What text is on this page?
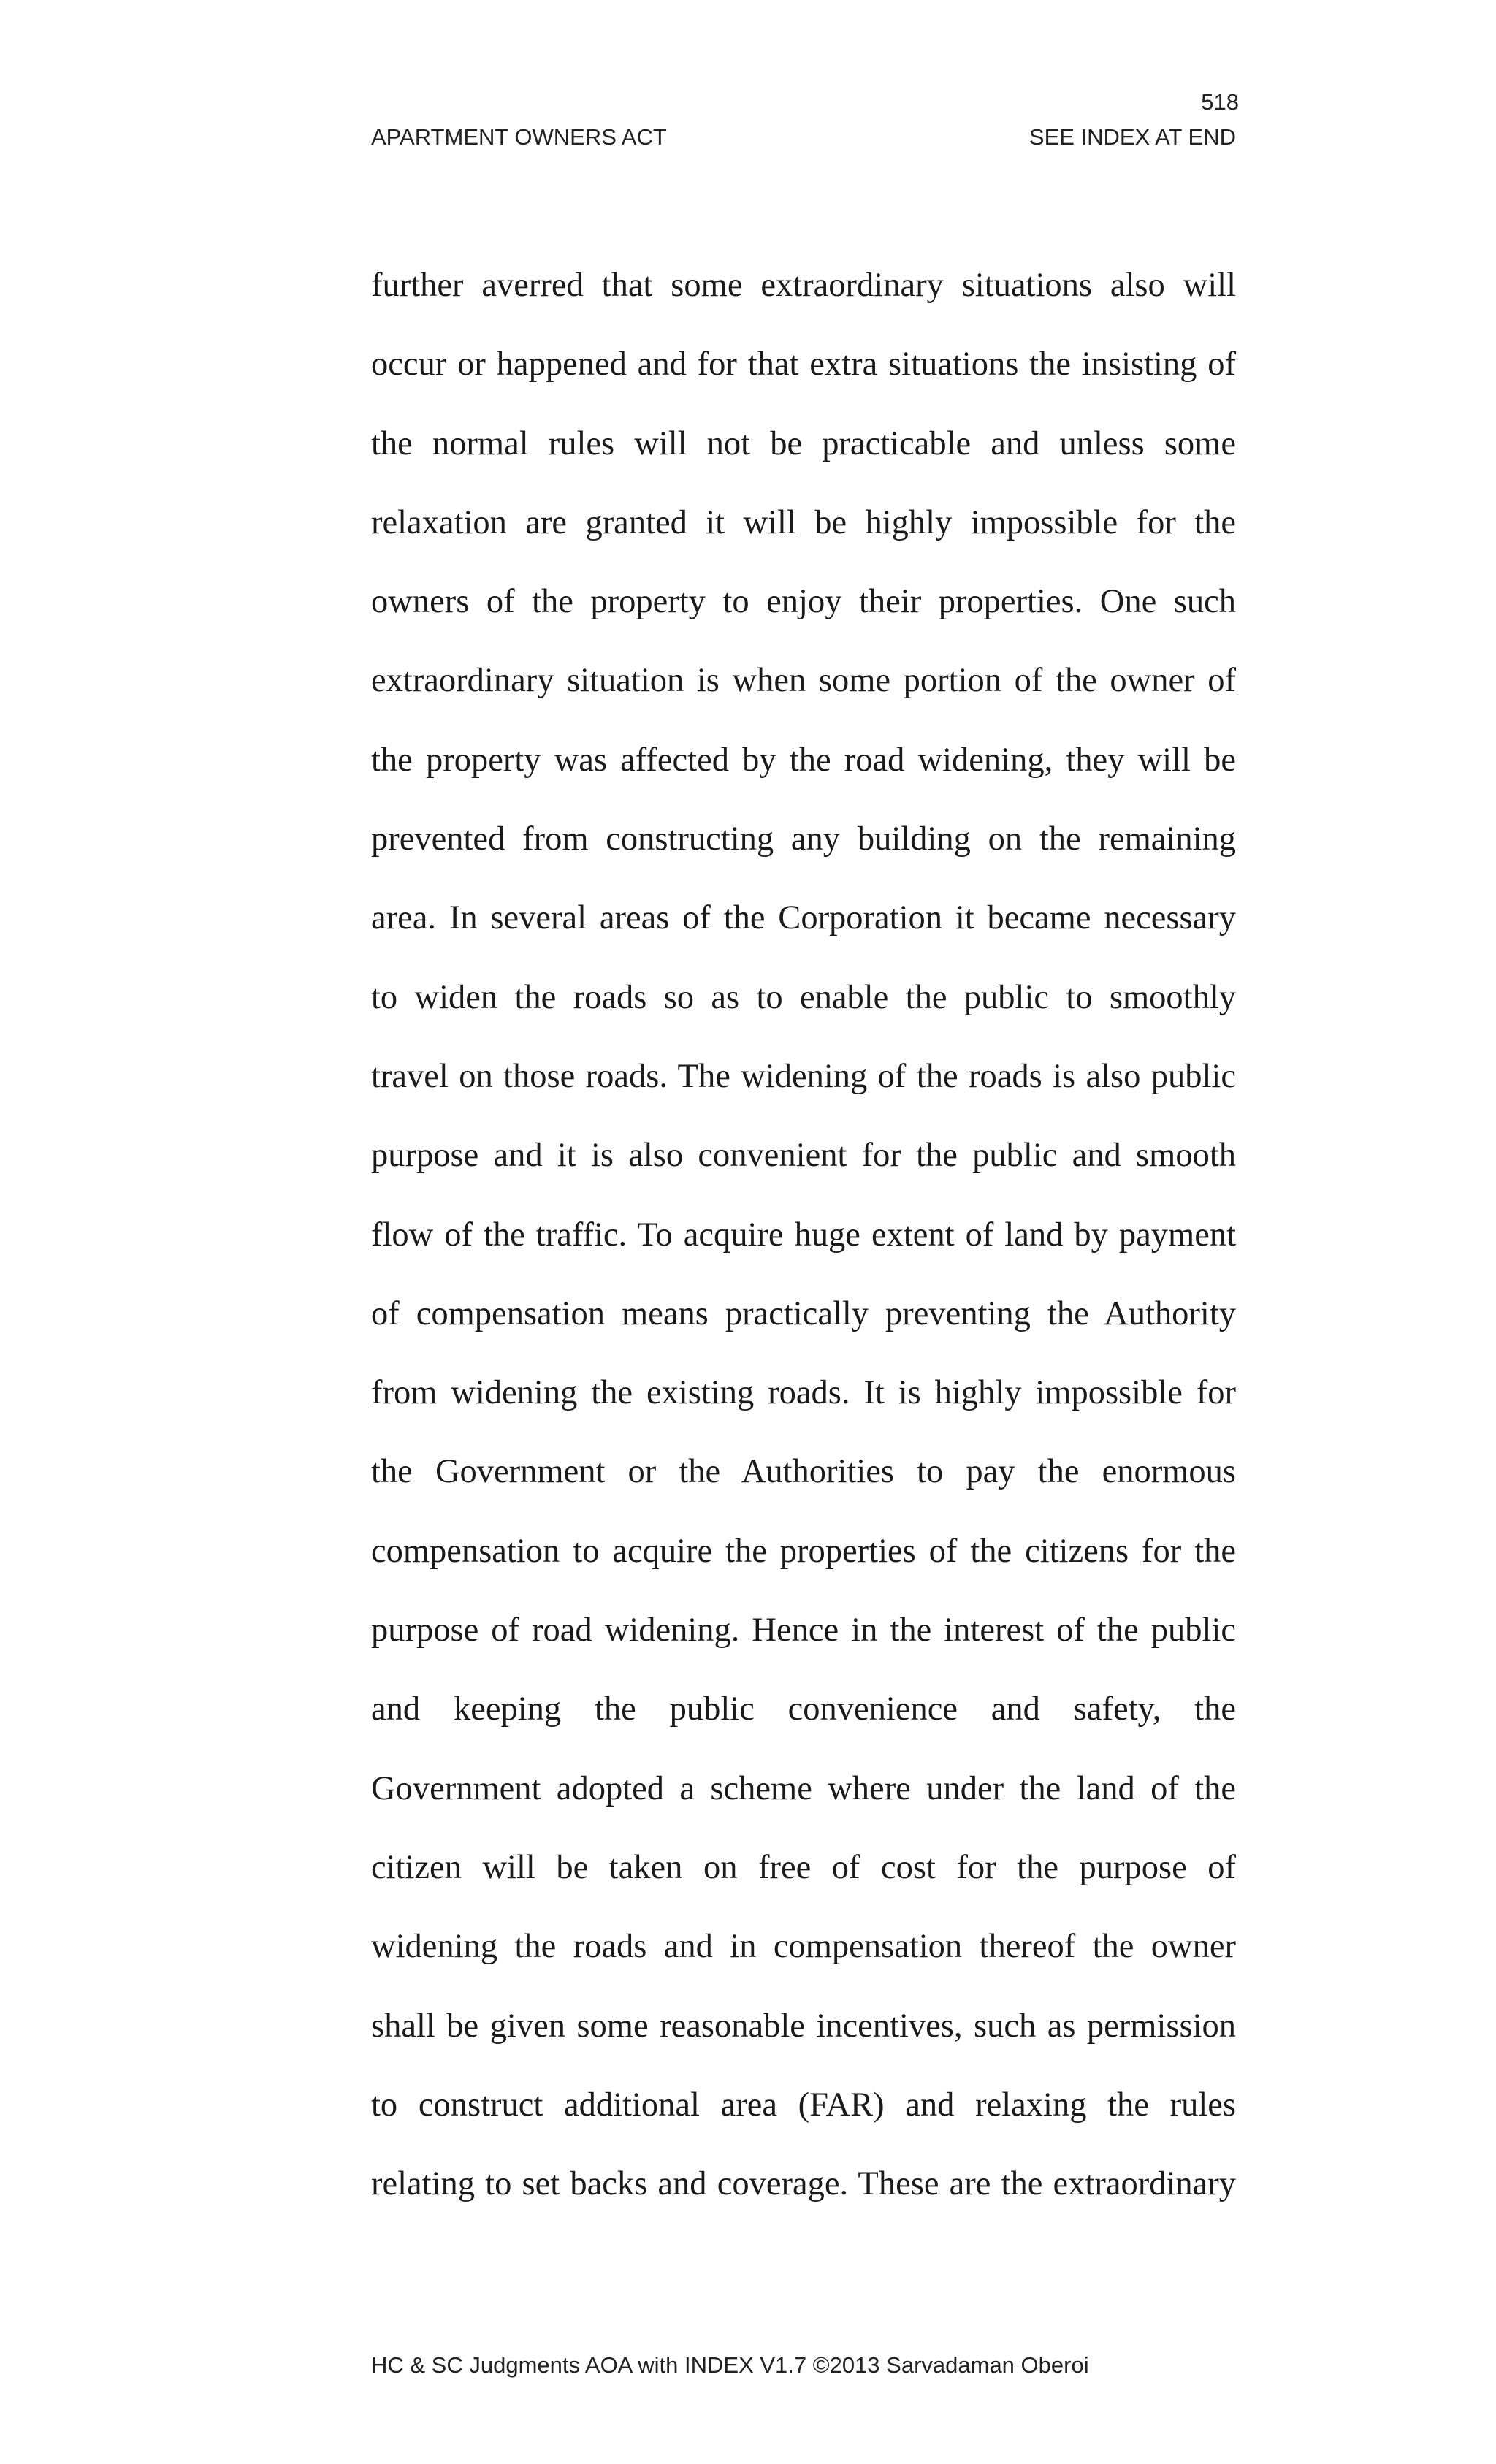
518
APARTMENT OWNERS ACT	SEE INDEX AT END
further averred that some extraordinary situations also will
occur or happened and for that extra situations the insisting of
the normal rules will not be practicable and unless some
relaxation are granted it will be highly impossible for the
owners of the property to enjoy their properties. One such
extraordinary situation is when some portion of the owner of
the property was affected by the road widening, they will be
prevented from constructing any building on the remaining
area. In several areas of the Corporation it became necessary
to widen the roads so as to enable the public to smoothly
travel on those roads. The widening of the roads is also public
purpose and it is also convenient for the public and smooth
flow of the traffic. To acquire huge extent of land by payment
of compensation means practically preventing the Authority
from widening the existing roads. It is highly impossible for
the Government or the Authorities to pay the enormous
compensation to acquire the properties of the citizens for the
purpose of road widening. Hence in the interest of the public
and keeping the public convenience and safety, the
Government adopted a scheme where under the land of the
citizen will be taken on free of cost for the purpose of
widening the roads and in compensation thereof the owner
shall be given some reasonable incentives, such as permission
to construct additional area (FAR) and relaxing the rules
relating to set backs and coverage. These are the extraordinary
HC & SC Judgments AOA with INDEX V1.7 ©2013 Sarvadaman Oberoi
